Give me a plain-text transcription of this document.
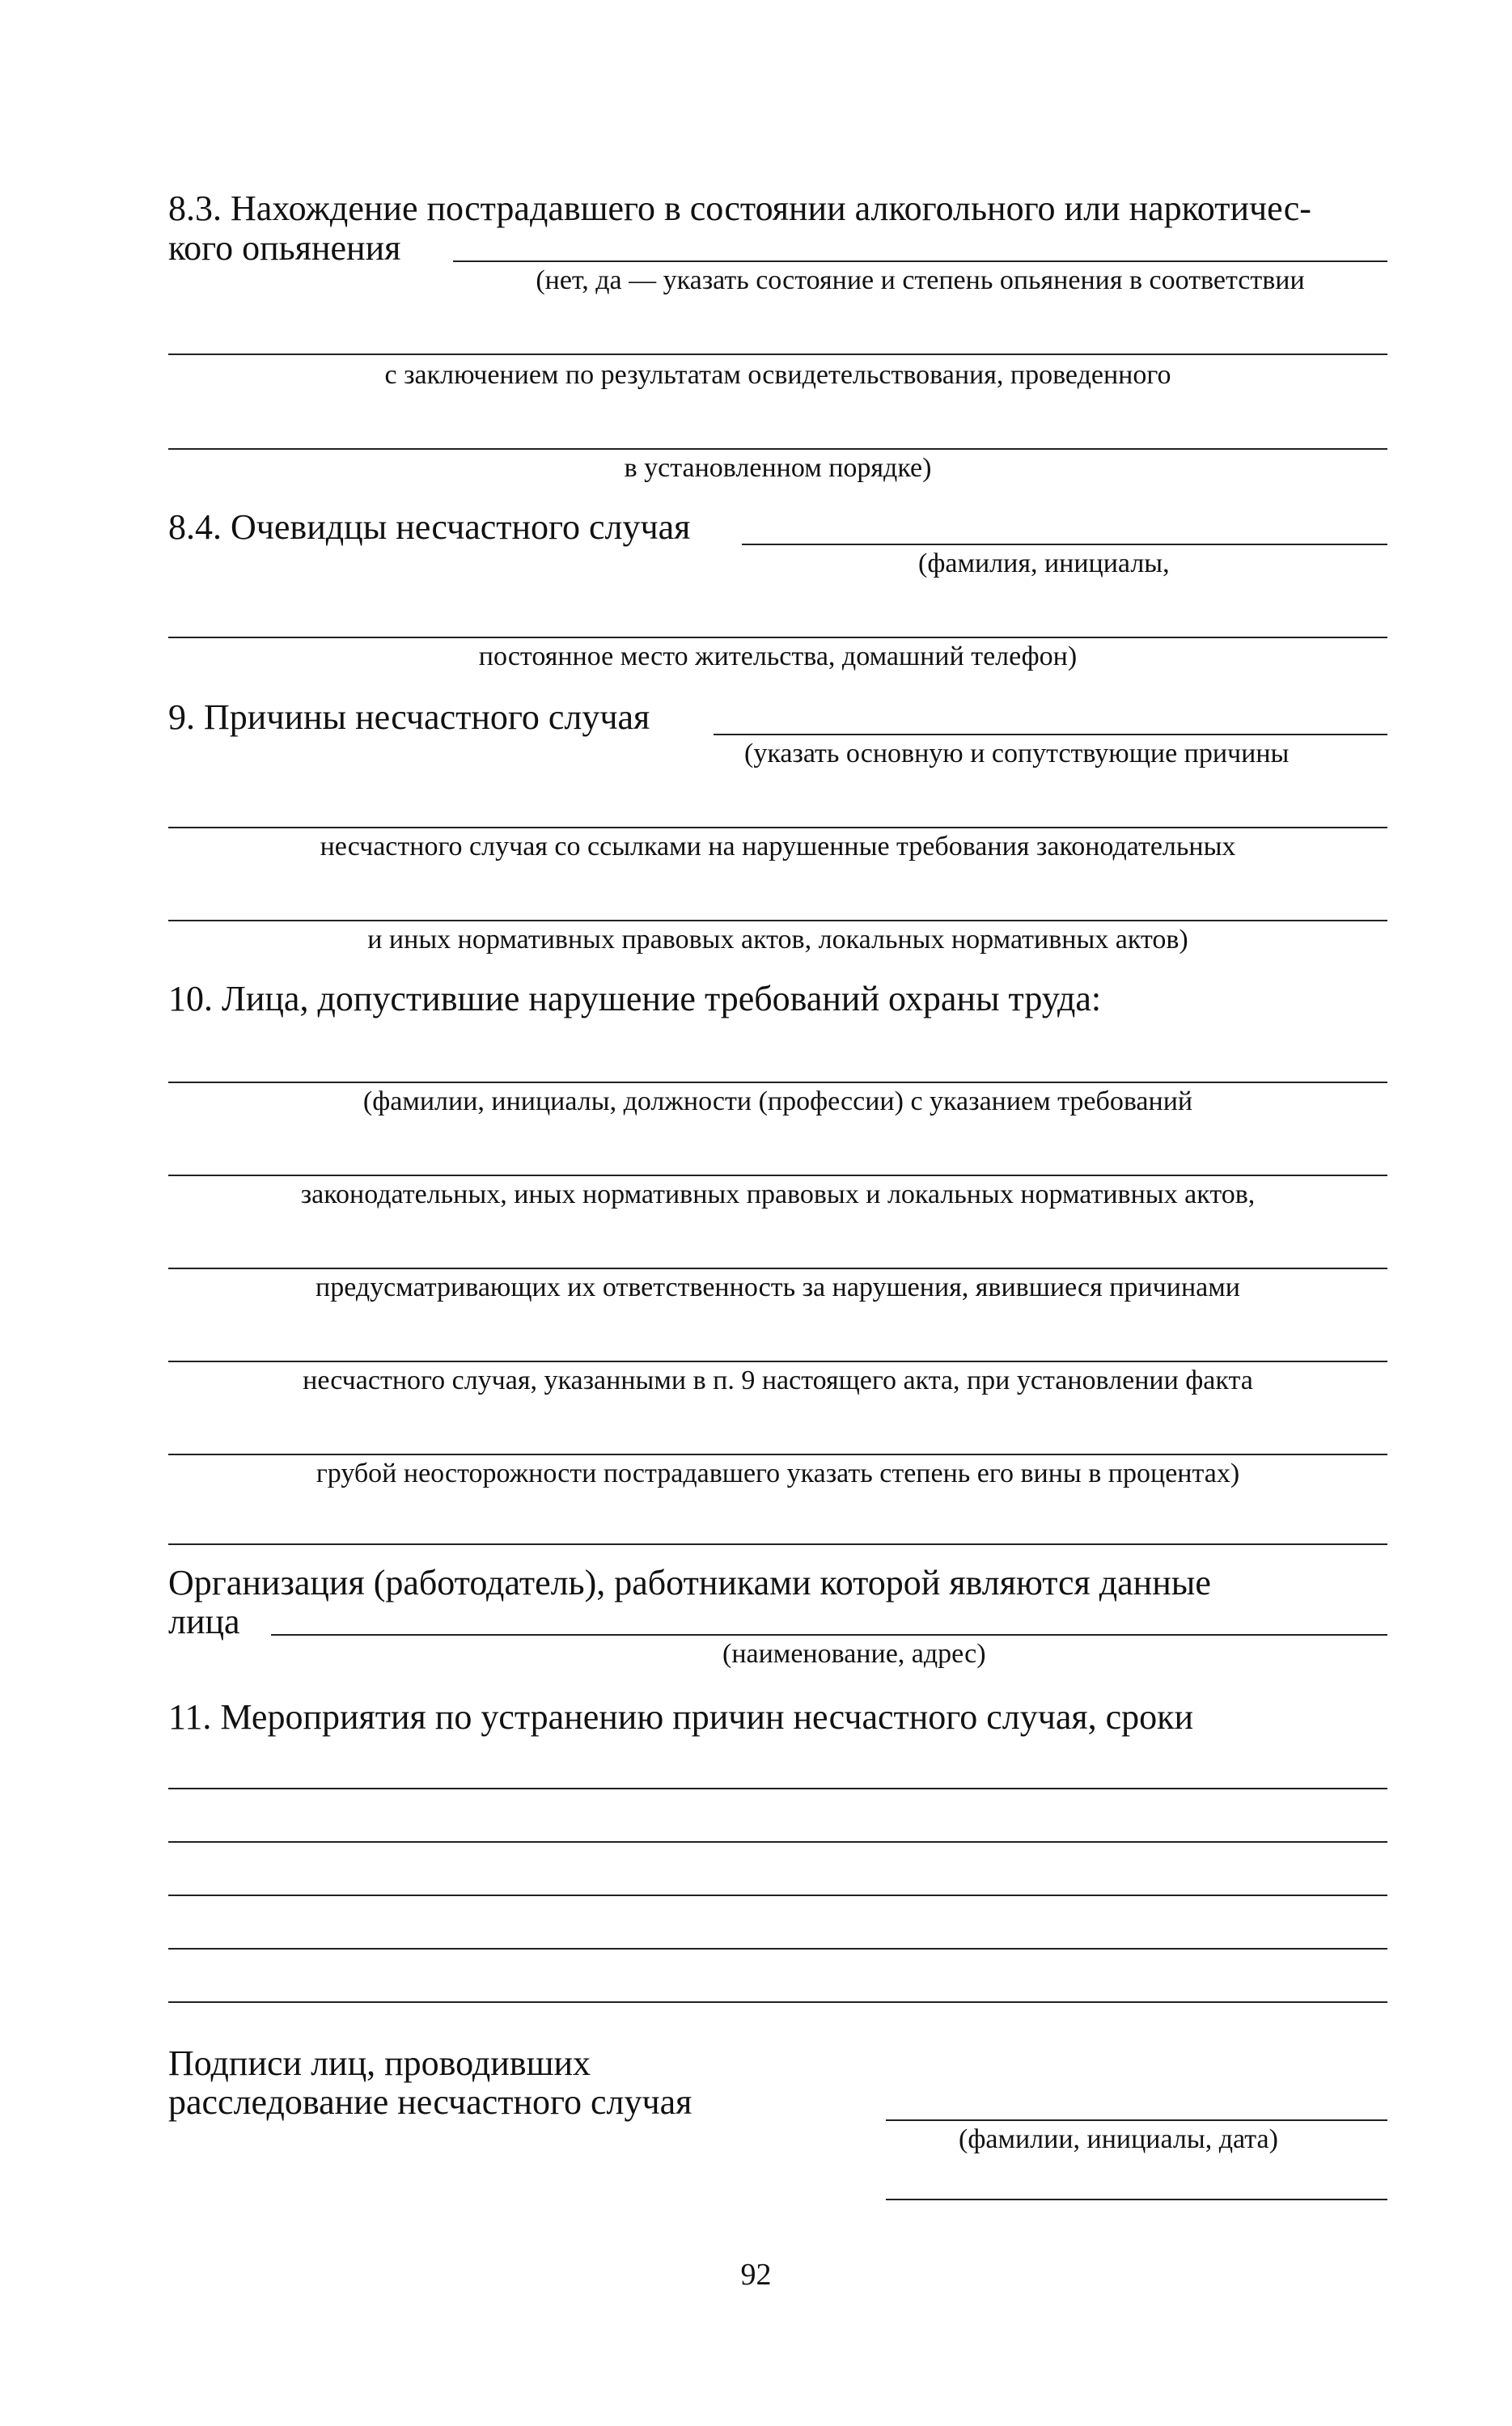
8.3. Нахождение пострадавшего в состоянии алкогольного или наркотичес-
кого опьянения
(нет, да — указать состояние и степень опьянения в соответствии
с заключением по результатам освидетельствования, проведенного
в установленном порядке)
8.4. Очевидцы несчастного случая
(фамилия, инициалы,
постоянное место жительства, домашний телефон)
9. Причины несчастного случая
(указать основную и сопутствующие причины
несчастного случая со ссылками на нарушенные требования законодательных
и иных нормативных правовых актов, локальных нормативных актов)
10. Лица, допустившие нарушение требований охраны труда:
(фамилии, инициалы, должности (профессии) с указанием требований
законодательных, иных нормативных правовых и локальных нормативных актов,
предусматривающих их ответственность за нарушения, явившиеся причинами
несчастного случая, указанными в п. 9 настоящего акта, при установлении факта
грубой неосторожности пострадавшего указать степень его вины в процентах)
Организация (работодатель), работниками которой являются данные
лица
(наименование, адрес)
11. Мероприятия по устранению причин несчастного случая, сроки
Подписи лиц, проводивших
расследование несчастного случая
(фамилии, инициалы, дата)
92
